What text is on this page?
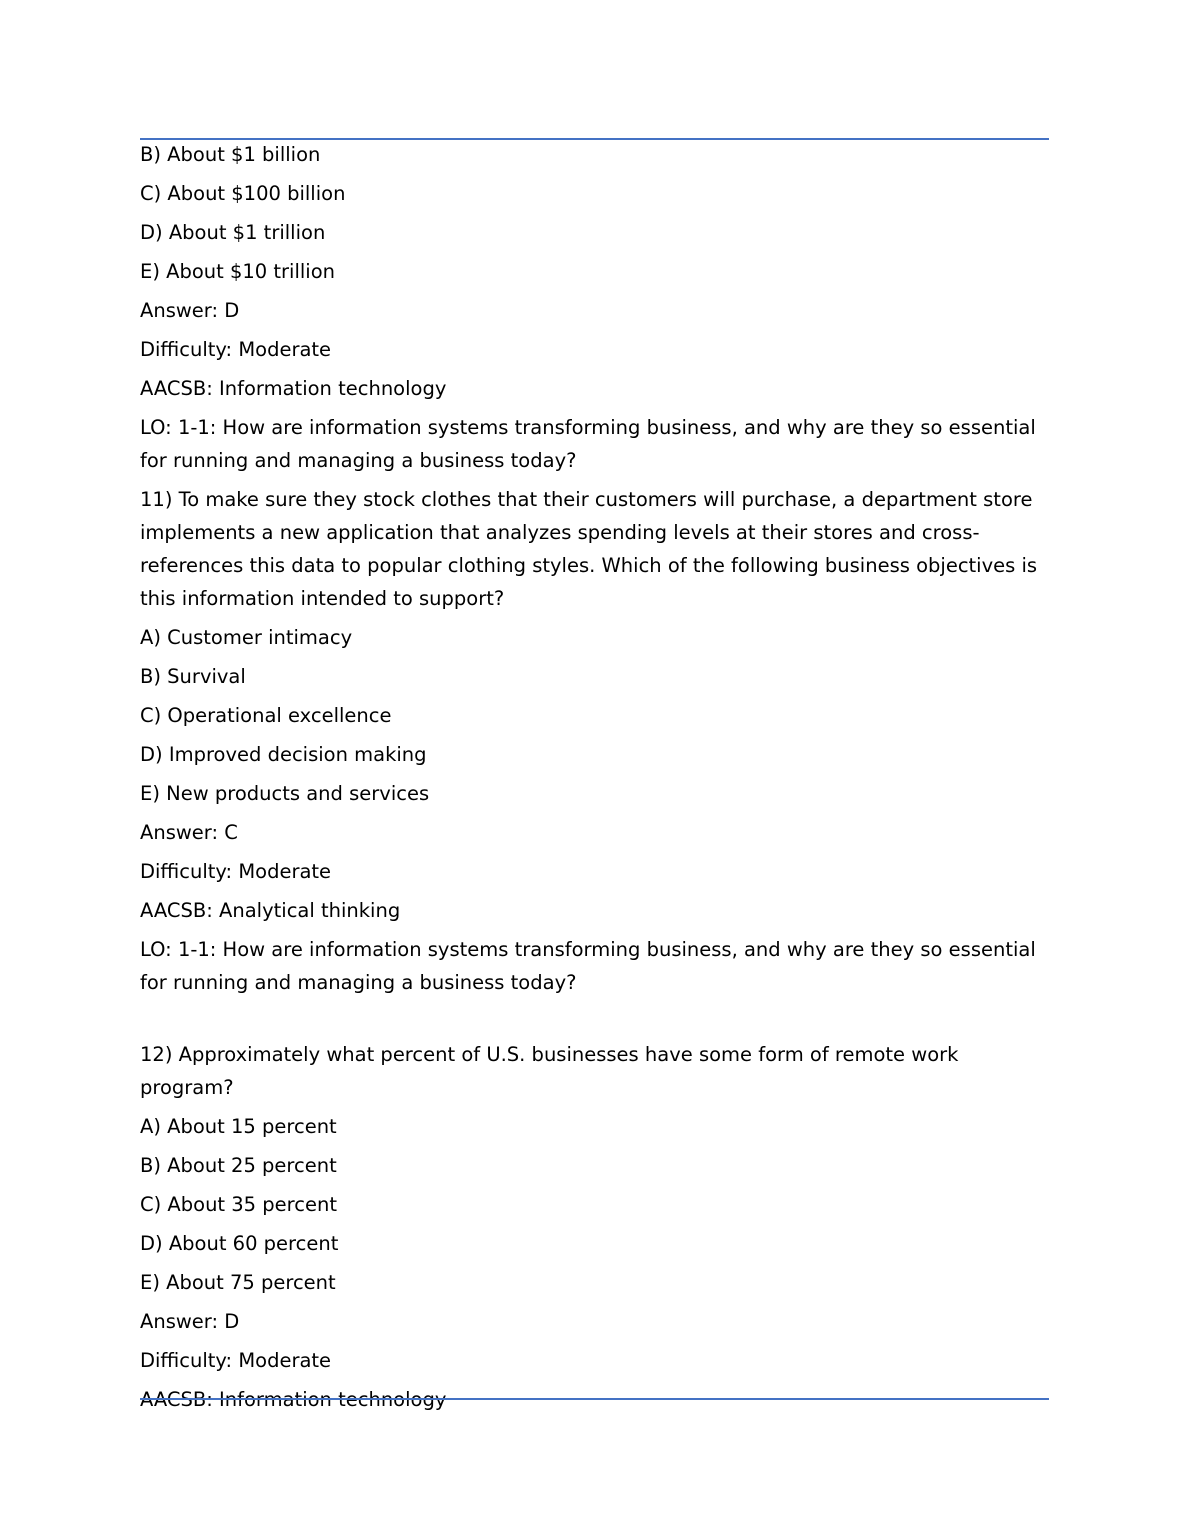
B) About $1 billion
C) About $100 billion
D) About $1 trillion
E) About $10 trillion
Answer: D
Difficulty: Moderate
AACSB: Information technology
LO: 1-1: How are information systems transforming business, and why are they so essential for running and managing a business today?
11) To make sure they stock clothes that their customers will purchase, a department store implements a new application that analyzes spending levels at their stores and cross-references this data to popular clothing styles. Which of the following business objectives is this information intended to support?
A) Customer intimacy
B) Survival
C) Operational excellence
D) Improved decision making
E) New products and services
Answer: C
Difficulty: Moderate
AACSB: Analytical thinking
LO: 1-1: How are information systems transforming business, and why are they so essential for running and managing a business today?
12) Approximately what percent of U.S. businesses have some form of remote work program?
A) About 15 percent
B) About 25 percent
C) About 35 percent
D) About 60 percent
E) About 75 percent
Answer: D
Difficulty: Moderate
AACSB: Information technology
